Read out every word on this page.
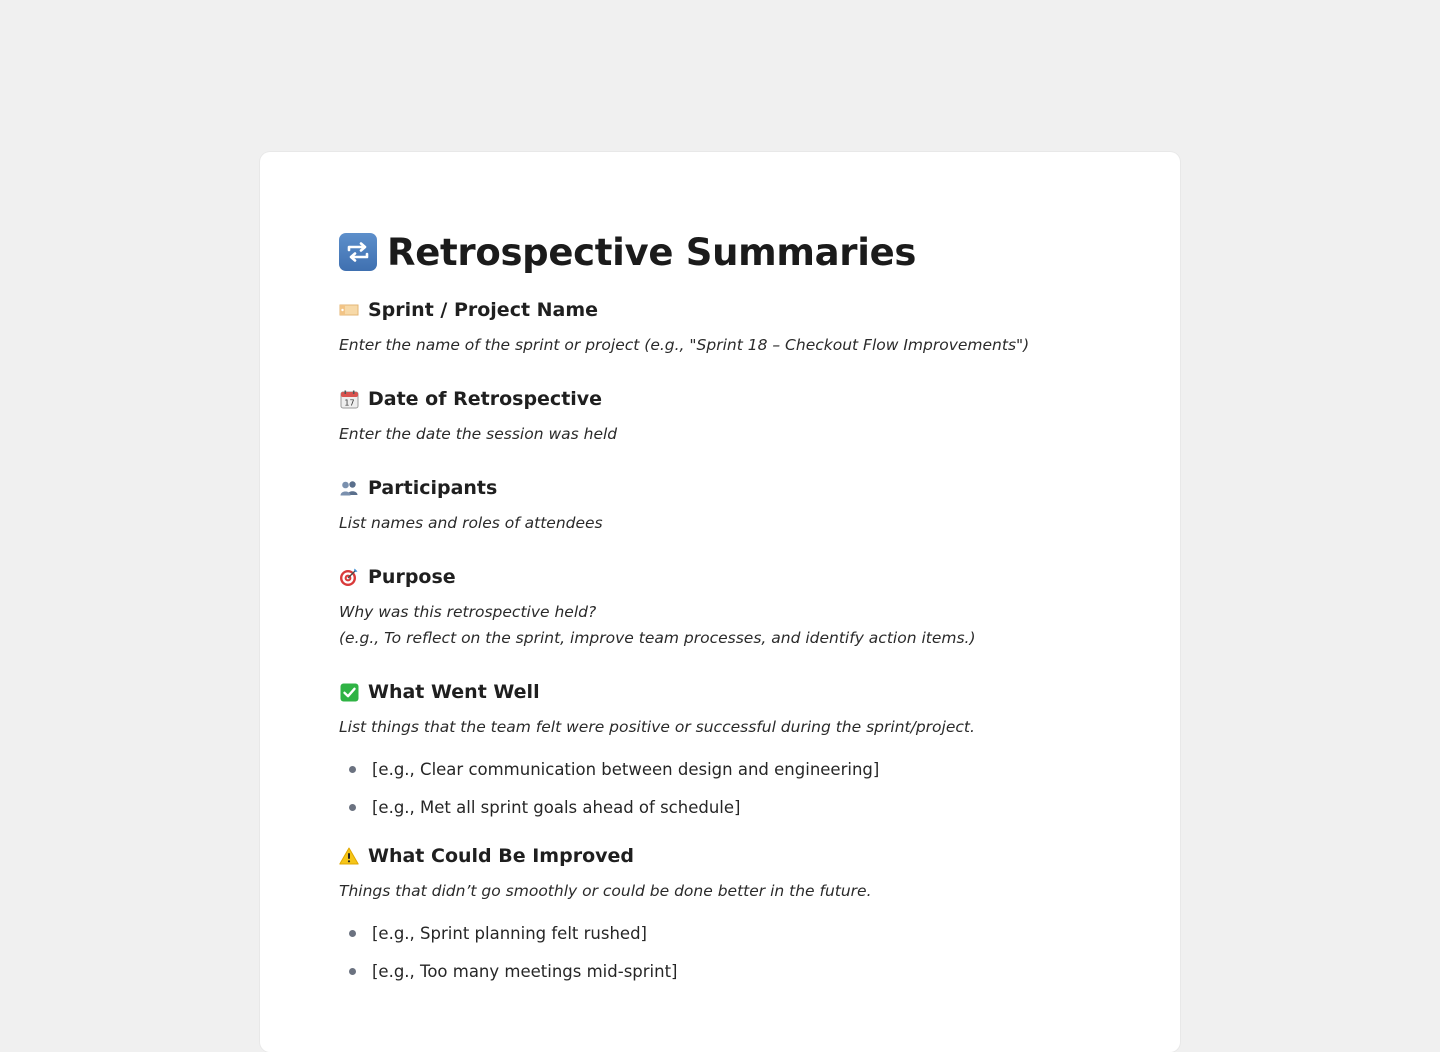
Retrospective Summaries
Sprint / Project Name
Enter the name of the sprint or project (e.g., "Sprint 18 – Checkout Flow Improvements")
17 Date of Retrospective
Enter the date the session was held
Participants
List names and roles of attendees
Purpose
Why was this retrospective held?
(e.g., To reflect on the sprint, improve team processes, and identify action items.)
What Went Well
List things that the team felt were positive or successful during the sprint/project.
[e.g., Clear communication between design and engineering]
[e.g., Met all sprint goals ahead of schedule]
What Could Be Improved
Things that didn’t go smoothly or could be done better in the future.
[e.g., Sprint planning felt rushed]
[e.g., Too many meetings mid-sprint]
